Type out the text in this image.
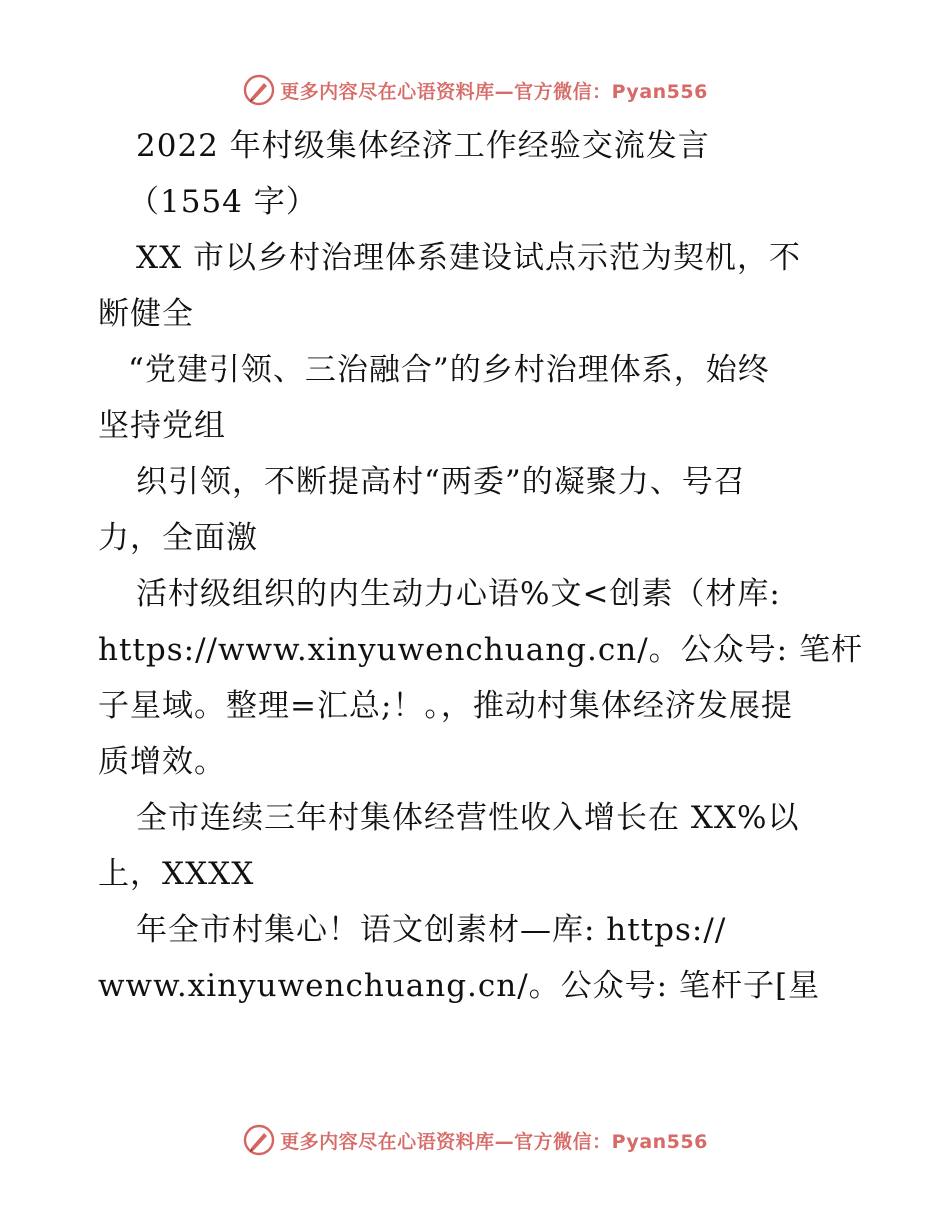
更多内容尽在心语资料库—官方微信：Pyan556
2022 年村级集体经济工作经验交流发言
（1554 字）
XX 市以乡村治理体系建设试点示范为契机，不
断健全
“党建引领、三治融合”的乡村治理体系，始终
坚持党组
织引领，不断提高村“两委”的凝聚力、号召
力，全面激
活村级组织的内生动力心语%文<创素（材库:
https://www.xinyuwenchuang.cn/。公众号: 笔杆
子星域。整理=汇总;！。，推动村集体经济发展提
质增效。
全市连续三年村集体经营性收入增长在 XX%以
上，XXXX
年全市村集心！语文创素材—库: https://
www.xinyuwenchuang.cn/。公众号: 笔杆子[星
更多内容尽在心语资料库—官方微信：Pyan556
